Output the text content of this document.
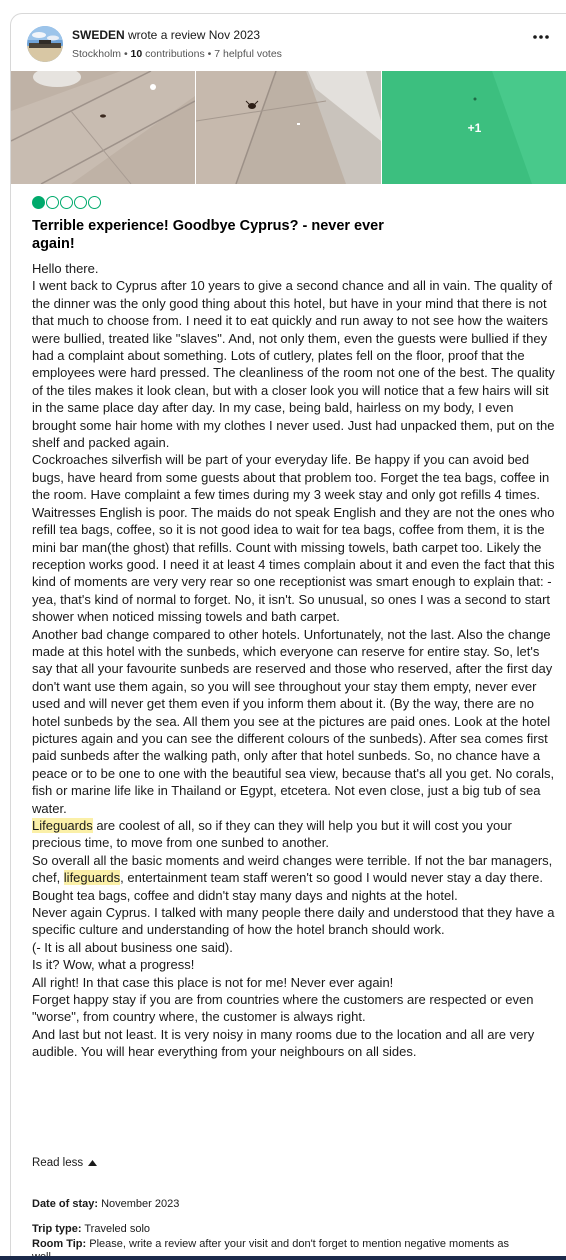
SWEDEN wrote a review Nov 2023
Stockholm • 10 contributions • 7 helpful votes
+1
Terrible experience! Goodbye Cyprus? - never ever again!

Hello there.

I went back to Cyprus after 10 years to give a second chance and all in vain. The quality of the dinner was the only good thing about this hotel, but have in your mind that there is not that much to choose from. I need it to eat quickly and run away to not see how the waiters were bullied, treated like "slaves". And, not only them, even the guests were bullied if they had a complaint about something. Lots of cutlery, plates fell on the floor, proof that the employees were hard pressed. The cleanliness of the room not one of the best. The quality of the tiles makes it look clean, but with a closer look you will notice that a few hairs will sit in the same place day after day. In my case, being bald, hairless on my body, I even brought some hair home with my clothes I never used. Just had unpacked them, put on the shelf and packed again.

Cockroaches silverfish will be part of your everyday life. Be happy if you can avoid bed bugs, have heard from some guests about that problem too. Forget the tea bags, coffee in the room. Have complaint a few times during my 3 week stay and only got refills 4 times. Waitresses English is poor. The maids do not speak English and they are not the ones who refill tea bags, coffee, so it is not good idea to wait for tea bags, coffee from them, it is the mini bar man(the ghost) that refills. Count with missing towels, bath carpet too. Likely the reception works good. I need it at least 4 times complain about it and even the fact that this kind of moments are very very rear so one receptionist was smart enough to explain that: -yea, that's kind of normal to forget. No, it isn't. So unusual, so ones I was a second to start shower when noticed missing towels and bath carpet.

Another bad change compared to other hotels. Unfortunately, not the last. Also the change made at this hotel with the sunbeds, which everyone can reserve for entire stay. So, let's say that all your favourite sunbeds are reserved and those who reserved, after the first day don't want use them again, so you will see throughout your stay them empty, never ever used and will never get them even if you inform them about it. (By the way, there are no hotel sunbeds by the sea. All them you see at the pictures are paid ones. Look at the hotel pictures again and you can see the different colours of the sunbeds). After sea comes first paid sunbeds after the walking path, only after that hotel sunbeds. So, no chance have a peace or to be one to one with the beautiful sea view, because that's all you get. No corals, fish or marine life like in Thailand or Egypt, etcetera. Not even close, just a big tub of sea water.

Lifeguards are coolest of all, so if they can they will help you but it will cost you your precious time, to move from one sunbed to another.

So overall all the basic moments and weird changes were terrible. If not the bar managers, chef, lifeguards, entertainment team staff weren't so good I would never stay a day there. Bought tea bags, coffee and didn't stay many days and nights at the hotel.

Never again Cyprus. I talked with many people there daily and understood that they have a specific culture and understanding of how the hotel branch should work.

(- It is all about business one said).

Is it? Wow, what a progress!

All right! In that case this place is not for me! Never ever again!

Forget happy stay if you are from countries where the customers are respected or even "worse", from country where, the customer is always right.

And last but not least. It is very noisy in many rooms due to the location and all are very audible. You will hear everything from your neighbours on all sides.

Read less
Date of stay: November 2023
Trip type: Traveled solo
Room Tip: Please, write a review after your visit and don't forget to mention negative moments as
